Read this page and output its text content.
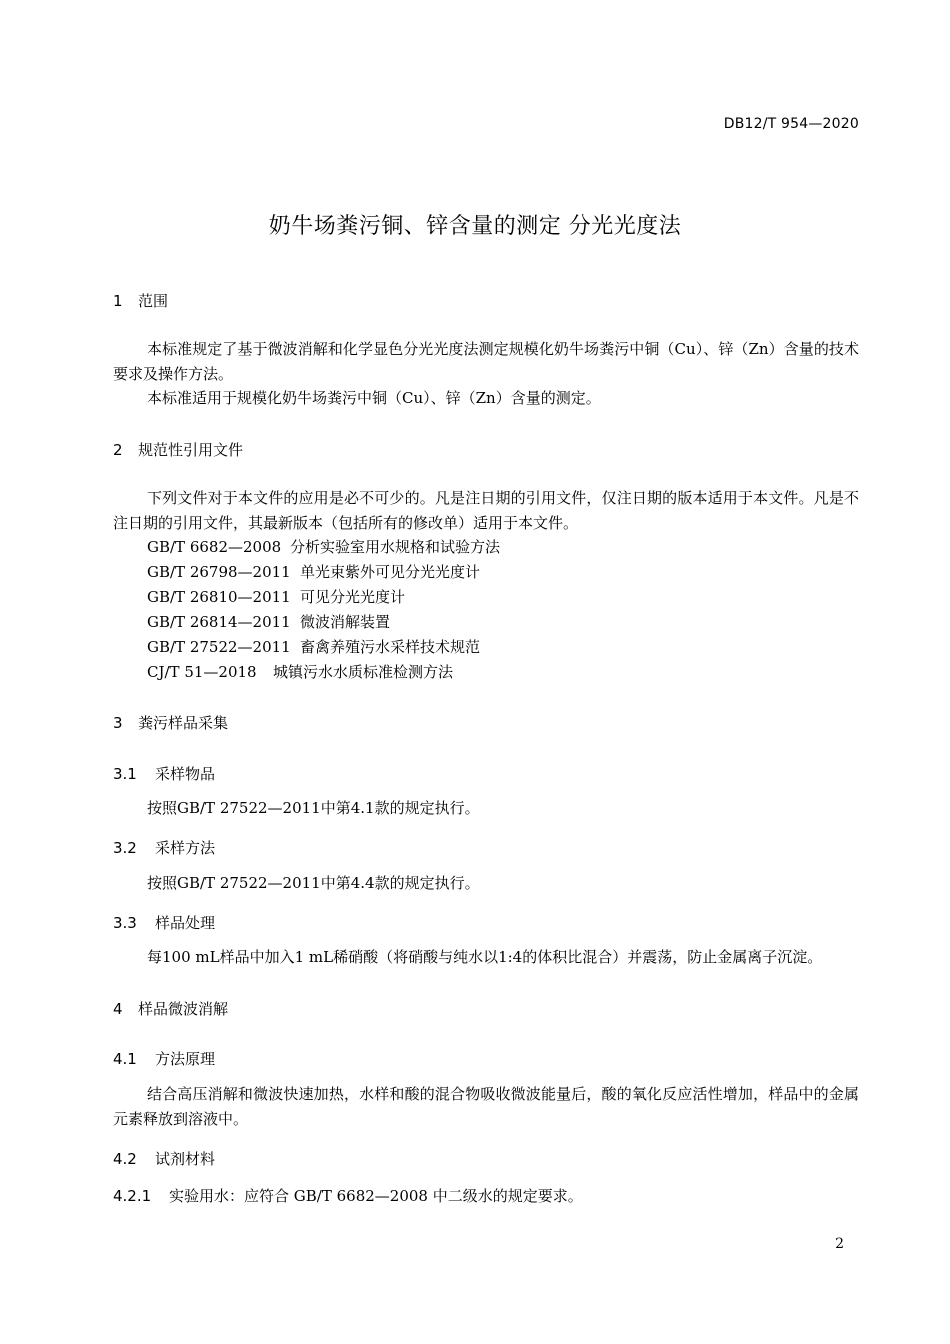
DB12/T 954—2020
奶牛场粪污铜、锌含量的测定 分光光度法
1 范围
本标准规定了基于微波消解和化学显色分光光度法测定规模化奶牛场粪污中铜（Cu）、锌（Zn）含量的技术要求及操作方法。
本标准适用于规模化奶牛场粪污中铜（Cu）、锌（Zn）含量的测定。
2 规范性引用文件
下列文件对于本文件的应用是必不可少的。凡是注日期的引用文件，仅注日期的版本适用于本文件。凡是不注日期的引用文件，其最新版本（包括所有的修改单）适用于本文件。
GB/T 6682—2008 分析实验室用水规格和试验方法
GB/T 26798—2011 单光束紫外可见分光光度计
GB/T 26810—2011 可见分光光度计
GB/T 26814—2011 微波消解装置
GB/T 27522—2011 畜禽养殖污水采样技术规范
CJ/T 51—2018 城镇污水水质标准检测方法
3 粪污样品采集
3.1 采样物品
按照GB/T 27522—2011中第4.1款的规定执行。
3.2 采样方法
按照GB/T 27522—2011中第4.4款的规定执行。
3.3 样品处理
每100 mL样品中加入1 mL稀硝酸（将硝酸与纯水以1:4的体积比混合）并震荡，防止金属离子沉淀。
4 样品微波消解
4.1 方法原理
结合高压消解和微波快速加热，水样和酸的混合物吸收微波能量后，酸的氧化反应活性增加，样品中的金属元素释放到溶液中。
4.2 试剂材料
4.2.1 实验用水：应符合 GB/T 6682—2008 中二级水的规定要求。
2
